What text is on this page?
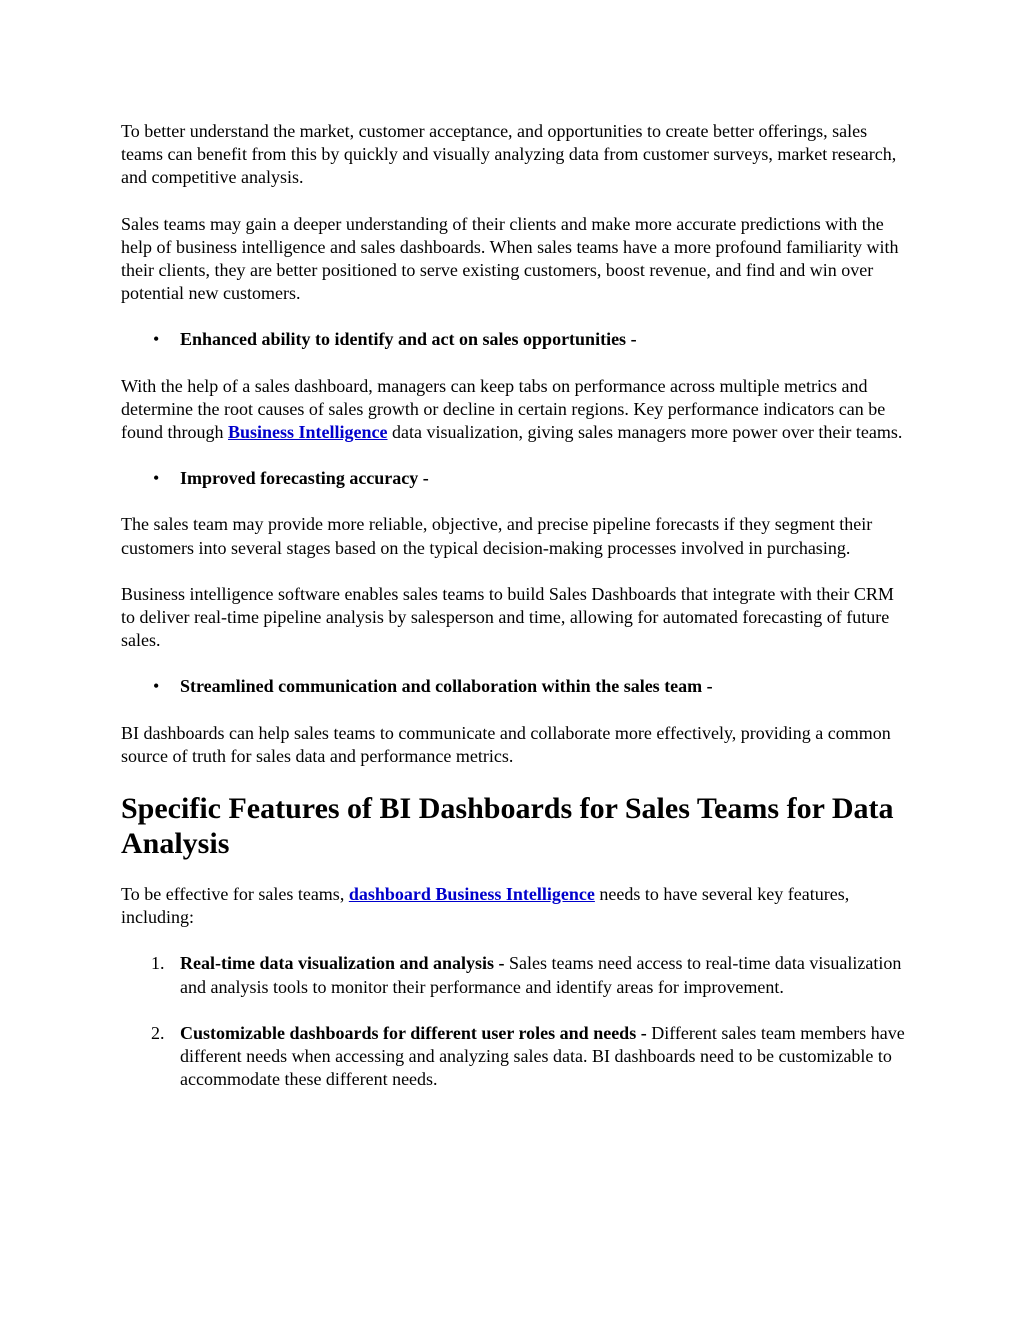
To better understand the market, customer acceptance, and opportunities to create better offerings, sales teams can benefit from this by quickly and visually analyzing data from customer surveys, market research, and competitive analysis.

Sales teams may gain a deeper understanding of their clients and make more accurate predictions with the help of business intelligence and sales dashboards. When sales teams have a more profound familiarity with their clients, they are better positioned to serve existing customers, boost revenue, and find and win over potential new customers.

•	Enhanced ability to identify and act on sales opportunities -

With the help of a sales dashboard, managers can keep tabs on performance across multiple metrics and determine the root causes of sales growth or decline in certain regions. Key performance indicators can be found through Business Intelligence data visualization, giving sales managers more power over their teams.

•	Improved forecasting accuracy -

The sales team may provide more reliable, objective, and precise pipeline forecasts if they segment their customers into several stages based on the typical decision-making processes involved in purchasing.

Business intelligence software enables sales teams to build Sales Dashboards that integrate with their CRM to deliver real-time pipeline analysis by salesperson and time, allowing for automated forecasting of future sales.

•	Streamlined communication and collaboration within the sales team -

BI dashboards can help sales teams to communicate and collaborate more effectively, providing a common source of truth for sales data and performance metrics.

Specific Features of BI Dashboards for Sales Teams for Data Analysis

To be effective for sales teams, dashboard Business Intelligence needs to have several key features, including:

1. Real-time data visualization and analysis - Sales teams need access to real-time data visualization and analysis tools to monitor their performance and identify areas for improvement.
2. Customizable dashboards for different user roles and needs - Different sales team members have different needs when accessing and analyzing sales data. BI dashboards need to be customizable to accommodate these different needs.
